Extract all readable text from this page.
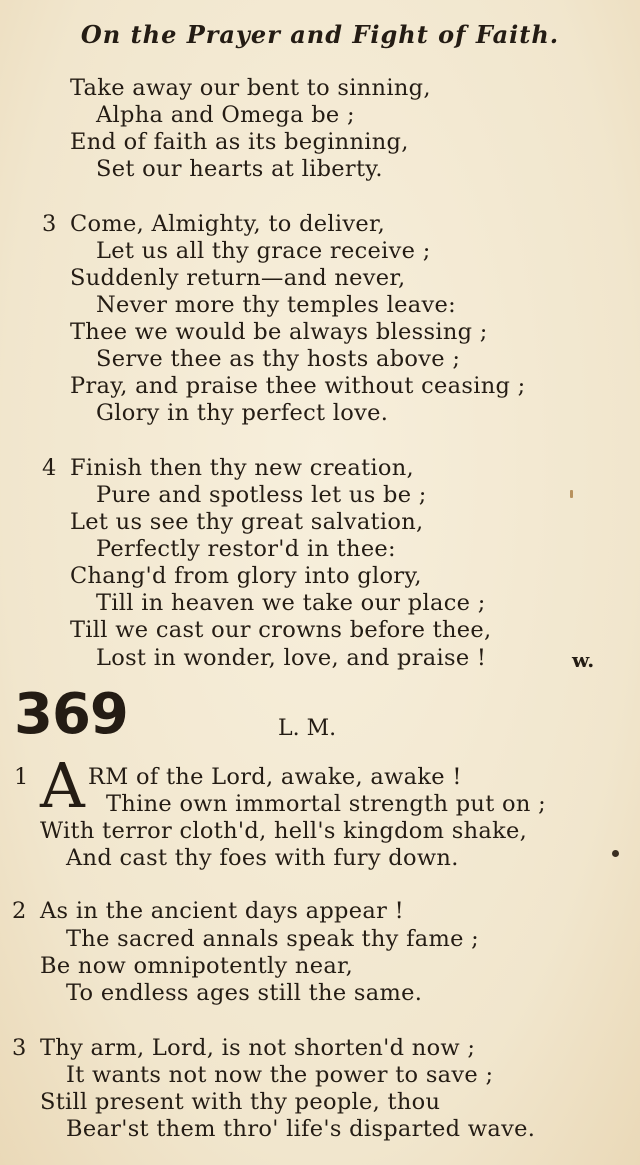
On the Prayer and Fight of Faith.
Take away our bent to sinning,
Alpha and Omega be ;
End of faith as its beginning,
Set our hearts at liberty.
3 Come, Almighty, to deliver,
Let us all thy grace receive ;
Suddenly return—and never,
Never more thy temples leave:
Thee we would be always blessing ;
Serve thee as thy hosts above ;
Pray, and praise thee without ceasing ;
Glory in thy perfect love.
4 Finish then thy new creation,
Pure and spotless let us be ;
Let us see thy great salvation,
Perfectly restor'd in thee:
Chang'd from glory into glory,
Till in heaven we take our place ;
Till we cast our crowns before thee,
Lost in wonder, love, and praise !	w.
369	L. M.
1 A RM of the Lord, awake, awake !
Thine own immortal strength put on ;
With terror cloth'd, hell's kingdom shake,
And cast thy foes with fury down.
2 As in the ancient days appear !
The sacred annals speak thy fame ;
Be now omnipotently near,
To endless ages still the same.
3 Thy arm, Lord, is not shorten'd now ;
It wants not now the power to save ;
Still present with thy people, thou
Bear'st them thro' life's disparted wave.
